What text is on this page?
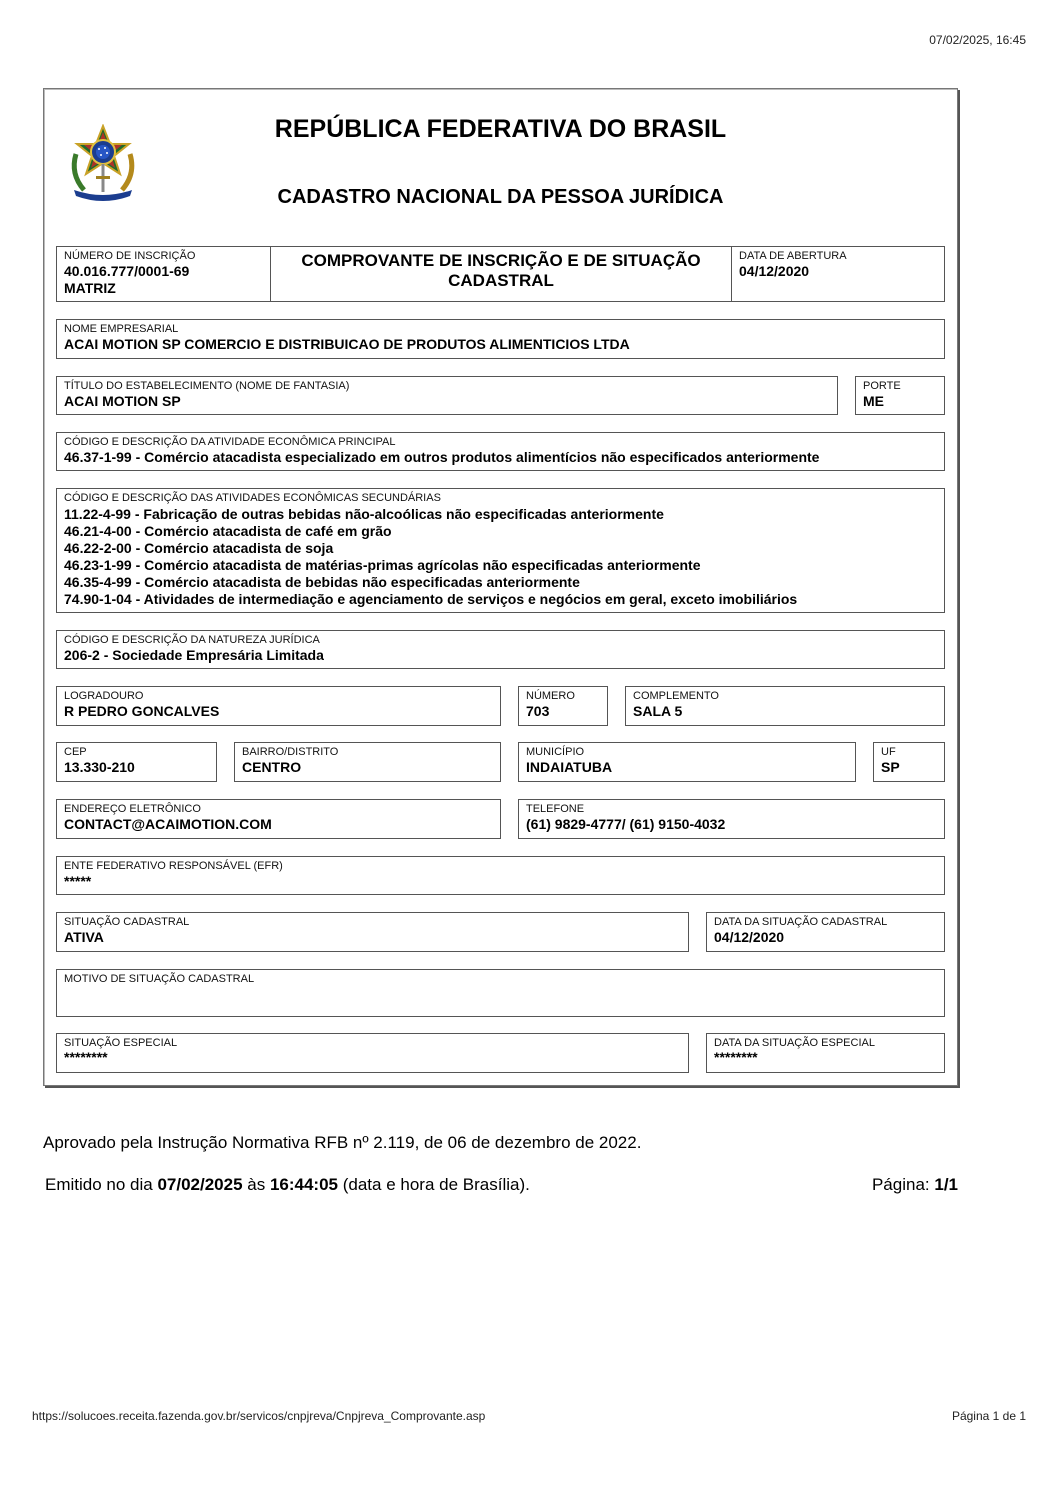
07/02/2025, 16:45
REPÚBLICA FEDERATIVA DO BRASIL
CADASTRO NACIONAL DA PESSOA JURÍDICA
NÚMERO DE INSCRIÇÃO
40.016.777/0001-69
MATRIZ
COMPROVANTE DE INSCRIÇÃO E DE SITUAÇÃO
CADASTRAL
DATA DE ABERTURA
04/12/2020
NOME EMPRESARIAL
ACAI MOTION SP COMERCIO E DISTRIBUICAO DE PRODUTOS ALIMENTICIOS LTDA
TÍTULO DO ESTABELECIMENTO (NOME DE FANTASIA)
ACAI MOTION SP
PORTE
ME
CÓDIGO E DESCRIÇÃO DA ATIVIDADE ECONÔMICA PRINCIPAL
46.37-1-99 - Comércio atacadista especializado em outros produtos alimentícios não especificados anteriormente
CÓDIGO E DESCRIÇÃO DAS ATIVIDADES ECONÔMICAS SECUNDÁRIAS
11.22-4-99 - Fabricação de outras bebidas não-alcoólicas não especificadas anteriormente
46.21-4-00 - Comércio atacadista de café em grão
46.22-2-00 - Comércio atacadista de soja
46.23-1-99 - Comércio atacadista de matérias-primas agrícolas não especificadas anteriormente
46.35-4-99 - Comércio atacadista de bebidas não especificadas anteriormente
74.90-1-04 - Atividades de intermediação e agenciamento de serviços e negócios em geral, exceto imobiliários
CÓDIGO E DESCRIÇÃO DA NATUREZA JURÍDICA
206-2 - Sociedade Empresária Limitada
LOGRADOURO
R PEDRO GONCALVES
NÚMERO
703
COMPLEMENTO
SALA 5
CEP
13.330-210
BAIRRO/DISTRITO
CENTRO
MUNICÍPIO
INDAIATUBA
UF
SP
ENDEREÇO ELETRÔNICO
CONTACT@ACAIMOTION.COM
TELEFONE
(61) 9829-4777/ (61) 9150-4032
ENTE FEDERATIVO RESPONSÁVEL (EFR)
*****
SITUAÇÃO CADASTRAL
ATIVA
DATA DA SITUAÇÃO CADASTRAL
04/12/2020
MOTIVO DE SITUAÇÃO CADASTRAL
SITUAÇÃO ESPECIAL
********
DATA DA SITUAÇÃO ESPECIAL
********
Aprovado pela Instrução Normativa RFB nº 2.119, de 06 de dezembro de 2022.
Emitido no dia 07/02/2025 às 16:44:05 (data e hora de Brasília).	Página: 1/1
https://solucoes.receita.fazenda.gov.br/servicos/cnpjreva/Cnpjreva_Comprovante.asp	Página 1 de 1
